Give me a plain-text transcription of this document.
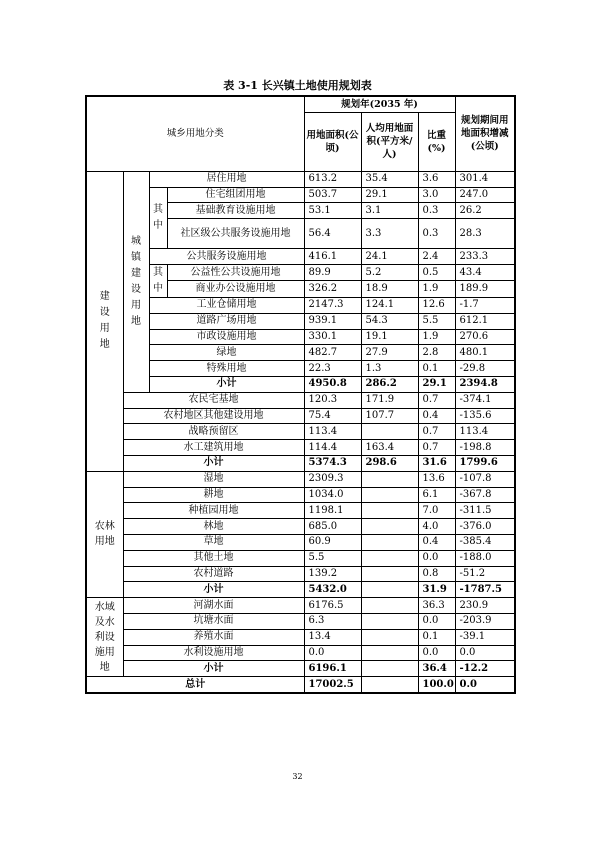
表 3-1 长兴镇土地使用规划表
城乡用地分类				规划年(2035 年)			规划期间用地面积增减(公顷)
				用地面积(公顷)	人均用地面积(平方米/人)	比重(%)	

建设用地	城镇建设用地	居住用地		613.2	35.4	3.6	301.4

		其中	住宅组团用地	503.7	29.1	3.0	247.0
			基础教育设施用地	53.1	3.1	0.3	26.2
			社区级公共服务设施用地	56.4	3.3	0.3	28.3
		公共服务设施用地		416.1	24.1	2.4	233.3

		其中	公益性公共设施用地	89.9	5.2	0.5	43.4
			商业办公设施用地	326.2	18.9	1.9	189.9
		工业仓储用地		2147.3	124.1	12.6	-1.7
		道路广场用地		939.1	54.3	5.5	612.1
		市政设施用地		330.1	19.1	1.9	270.6
		绿地		482.7	27.9	2.8	480.1
		特殊用地		22.3	1.3	0.1	-29.8
		小计		4950.8	286.2	29.1	2394.8
	农民宅基地			120.3	171.9	0.7	-374.1
	农村地区其他建设用地			75.4	107.7	0.4	-135.6
	战略预留区			113.4		0.7	113.4
	水工建筑用地			114.4	163.4	0.7	-198.8
	小计			5374.3	298.6	31.6	1799.6

农林用地	湿地			2309.3		13.6	-107.8
	耕地			1034.0		6.1	-367.8
	种植园用地			1198.1		7.0	-311.5
	林地			685.0		4.0	-376.0
	草地			60.9		0.4	-385.4
	其他土地			5.5		0.0	-188.0
	农村道路			139.2		0.8	-51.2
	小计			5432.0		31.9	-1787.5

水域及水利设施用地	河湖水面			6176.5		36.3	230.9
	坑塘水面			6.3		0.0	-203.9
	养殖水面			13.4		0.1	-39.1
	水利设施用地			0.0		0.0	0.0
	小计			6196.1		36.4	-12.2
总计				17002.5		100.0	0.0
32
